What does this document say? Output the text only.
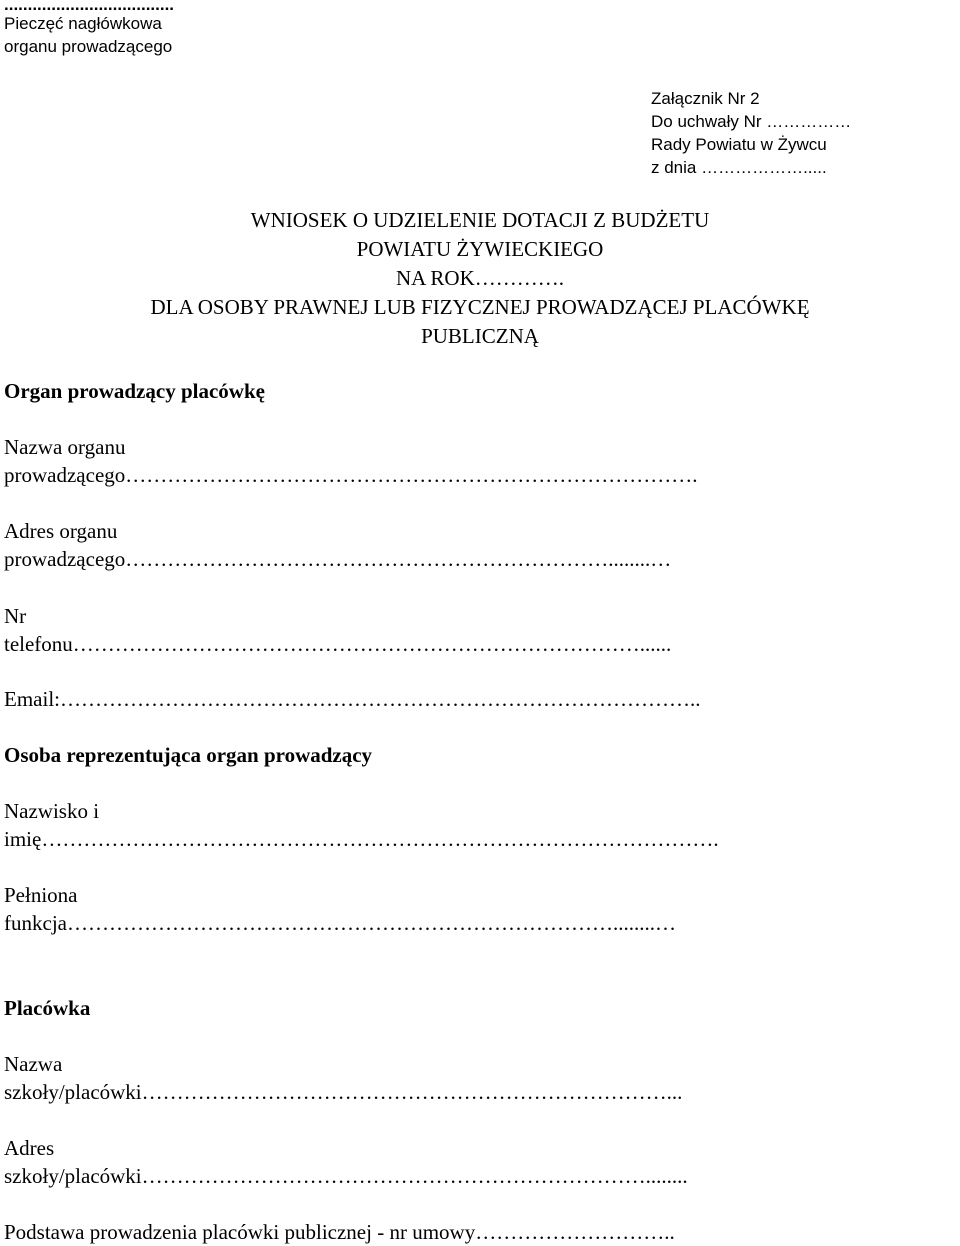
....................................
Pieczęć nagłówkowa
organu prowadzącego
Załącznik Nr 2
Do uchwały Nr ……………
Rady Powiatu w Żywcu
z dnia ……………….....
WNIOSEK O UDZIELENIE DOTACJI Z BUDŻETU
POWIATU ŻYWIECKIEGO
NA ROK………….
DLA OSOBY PRAWNEJ LUB FIZYCZNEJ PROWADZĄCEJ PLACÓWKĘ
PUBLICZNĄ
Organ prowadzący placówkę
Nazwa organu
prowadzącego……………………………………………………………………….
Adres organu
prowadzącego……………………………………………………………........…
Nr
telefonu………………………………………………………………………......
Email:………………………………………………………………………………..
Osoba reprezentująca organ prowadzący
Nazwisko i
imię…………………………………………………………………………………….
Pełniona
funkcja……………………………………………………………………........…
Placówka
Nazwa
szkoły/placówki…………………………………………………………………...
Adres
szkoły/placówki………………………………………………………………........
Podstawa prowadzenia placówki publicznej - nr umowy………………………..
